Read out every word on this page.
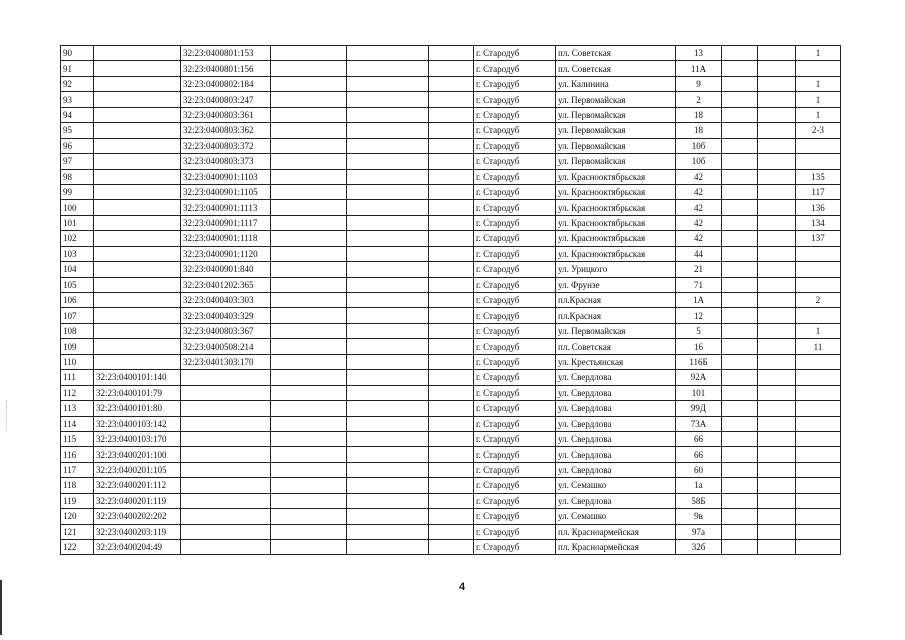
90		32:23:0400801:153				г. Стародуб	пл. Советская	13			1
91		32:23:0400801:156				г. Стародуб	пл. Советская	11А			
92		32:23:0400802:184				г. Стародуб	ул. Калинина	9			1
93		32:23:0400803:247				г. Стародуб	ул. Первомайская	2			1
94		32:23:0400803:361				г. Стародуб	ул. Первомайская	18			1
95		32:23:0400803:362				г. Стародуб	ул. Первомайская	18			2-3
96		32:23:0400803:372				г. Стародуб	ул. Первомайская	10б			
97		32:23:0400803:373				г. Стародуб	ул. Первомайская	10б			
98		32:23:0400901:1103				г. Стародуб	ул. Краснооктябрьская	42			135
99		32:23:0400901:1105				г. Стародуб	ул. Краснооктябрьская	42			117
100		32:23:0400901:1113				г. Стародуб	ул. Краснооктябрьская	42			136
101		32:23:0400901:1117				г. Стародуб	ул. Краснооктябрьская	42			134
102		32:23:0400901:1118				г. Стародуб	ул. Краснооктябрьская	42			137
103		32:23:0400901:1120				г. Стародуб	ул. Краснооктябрьская	44			
104		32:23:0400901:840				г. Стародуб	ул. Урицкого	21			
105		32:23:0401202:365				г. Стародуб	ул. Фрунзе	71			
106		32:23:0400403:303				г. Стародуб	пл.Красная	1А			2
107		32:23:0400403:329				г. Стародуб	пл.Красная	12			
108		32:23:0400803:367				г. Стародуб	ул. Первомайская	5			1
109		32:23:0400508:214				г. Стародуб	пл. Советская	16			11
110		32:23:0401303:170				г. Стародуб	ул. Крестьянская	116Б			
111	32:23:0400101:140					г. Стародуб	ул. Свердлова	92А			
112	32:23:0400101:79					г. Стародуб	ул. Свердлова	101			
113	32:23:0400101:80					г. Стародуб	ул. Свердлова	99Д			
114	32:23:0400103:142					г. Стародуб	ул. Свердлова	73А			
115	32:23:0400103:170					г. Стародуб	ул. Свердлова	66			
116	32:23:0400201:100					г. Стародуб	ул. Свердлова	66			
117	32:23:0400201:105					г. Стародуб	ул. Свердлова	60			
118	32:23:0400201:112					г. Стародуб	ул. Семашко	1а			
119	32:23:0400201:119					г. Стародуб	ул. Свердлова	58Б			
120	32:23:0400202:202					г. Стародуб	ул. Семашко	9в			
121	32:23:0400203:119					г. Стародуб	пл. Красноармейская	97а			
122	32:23:0400204:49					г. Стародуб	пл. Красноармейская	32б			
4
